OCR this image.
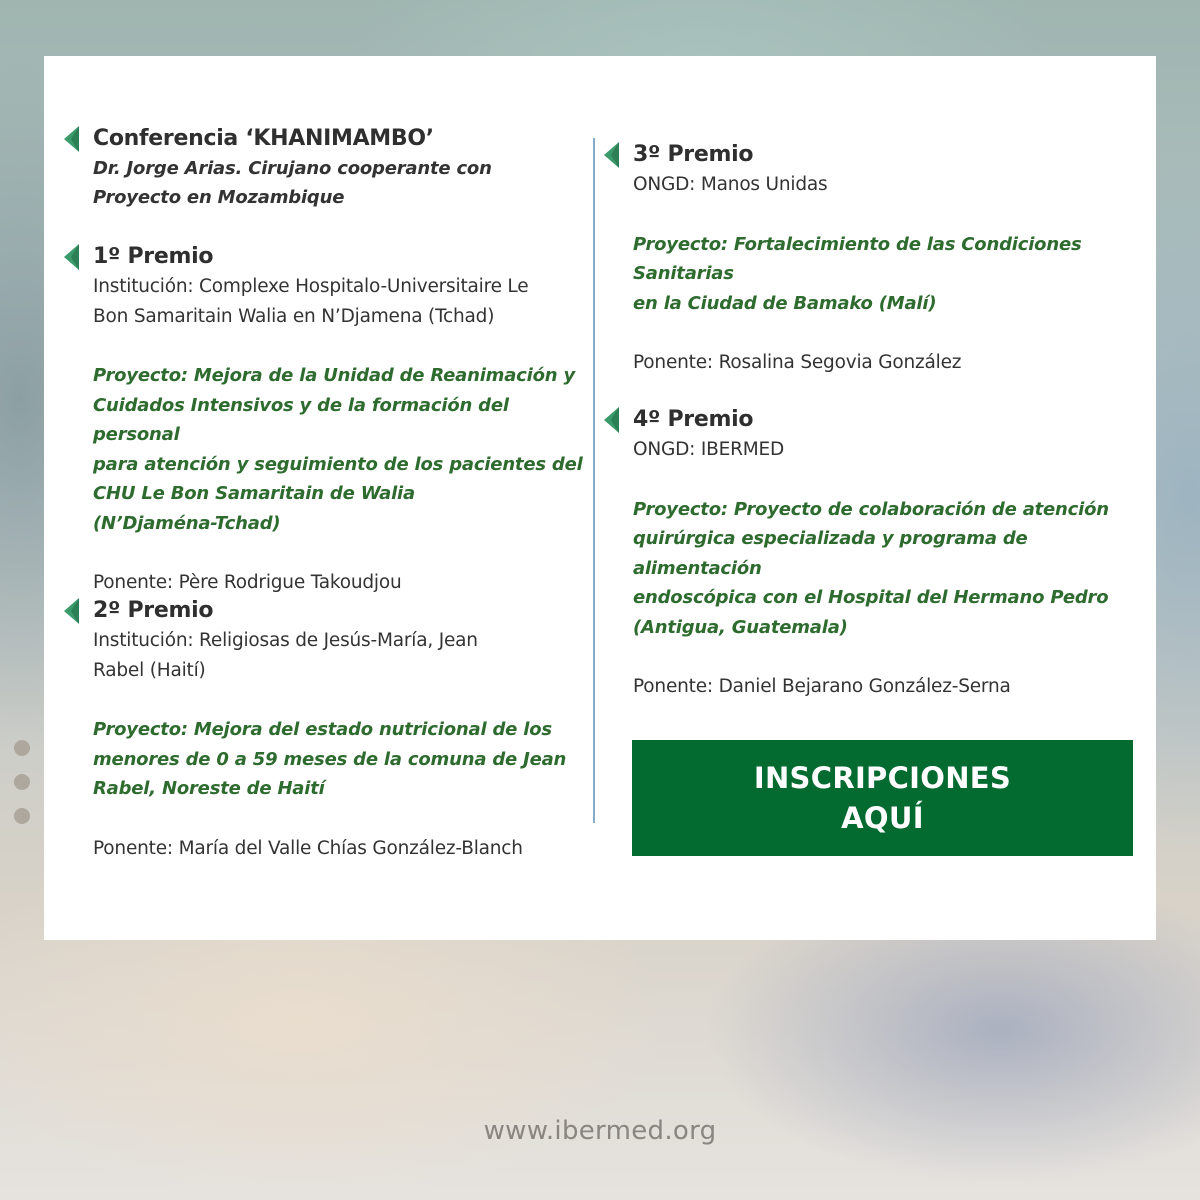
Conferencia ‘KHANIMAMBO’
Dr. Jorge Arias. Cirujano cooperante con
Proyecto en Mozambique
1º Premio
Institución: Complexe Hospitalo-Universitaire Le
Bon Samaritain Walia en N’Djamena (Tchad)
Proyecto: Mejora de la Unidad de Reanimación y
Cuidados Intensivos y de la formación del personal
para atención y seguimiento de los pacientes del
CHU Le Bon Samaritain de Walia
(N’Djaména-Tchad)
Ponente: Père Rodrigue Takoudjou
2º Premio
Institución: Religiosas de Jesús-María, Jean
Rabel (Haití)
Proyecto: Mejora del estado nutricional de los
menores de 0 a 59 meses de la comuna de Jean
Rabel, Noreste de Haití
Ponente: María del Valle Chías González-Blanch
3º Premio
ONGD: Manos Unidas
Proyecto: Fortalecimiento de las Condiciones Sanitarias
en la Ciudad de Bamako (Malí)
Ponente: Rosalina Segovia González
4º Premio
ONGD: IBERMED
Proyecto: Proyecto de colaboración de atención
quirúrgica especializada y programa de alimentación
endoscópica con el Hospital del Hermano Pedro
(Antigua, Guatemala)
Ponente: Daniel Bejarano González-Serna
INSCRIPCIONES
AQUÍ
www.ibermed.org
